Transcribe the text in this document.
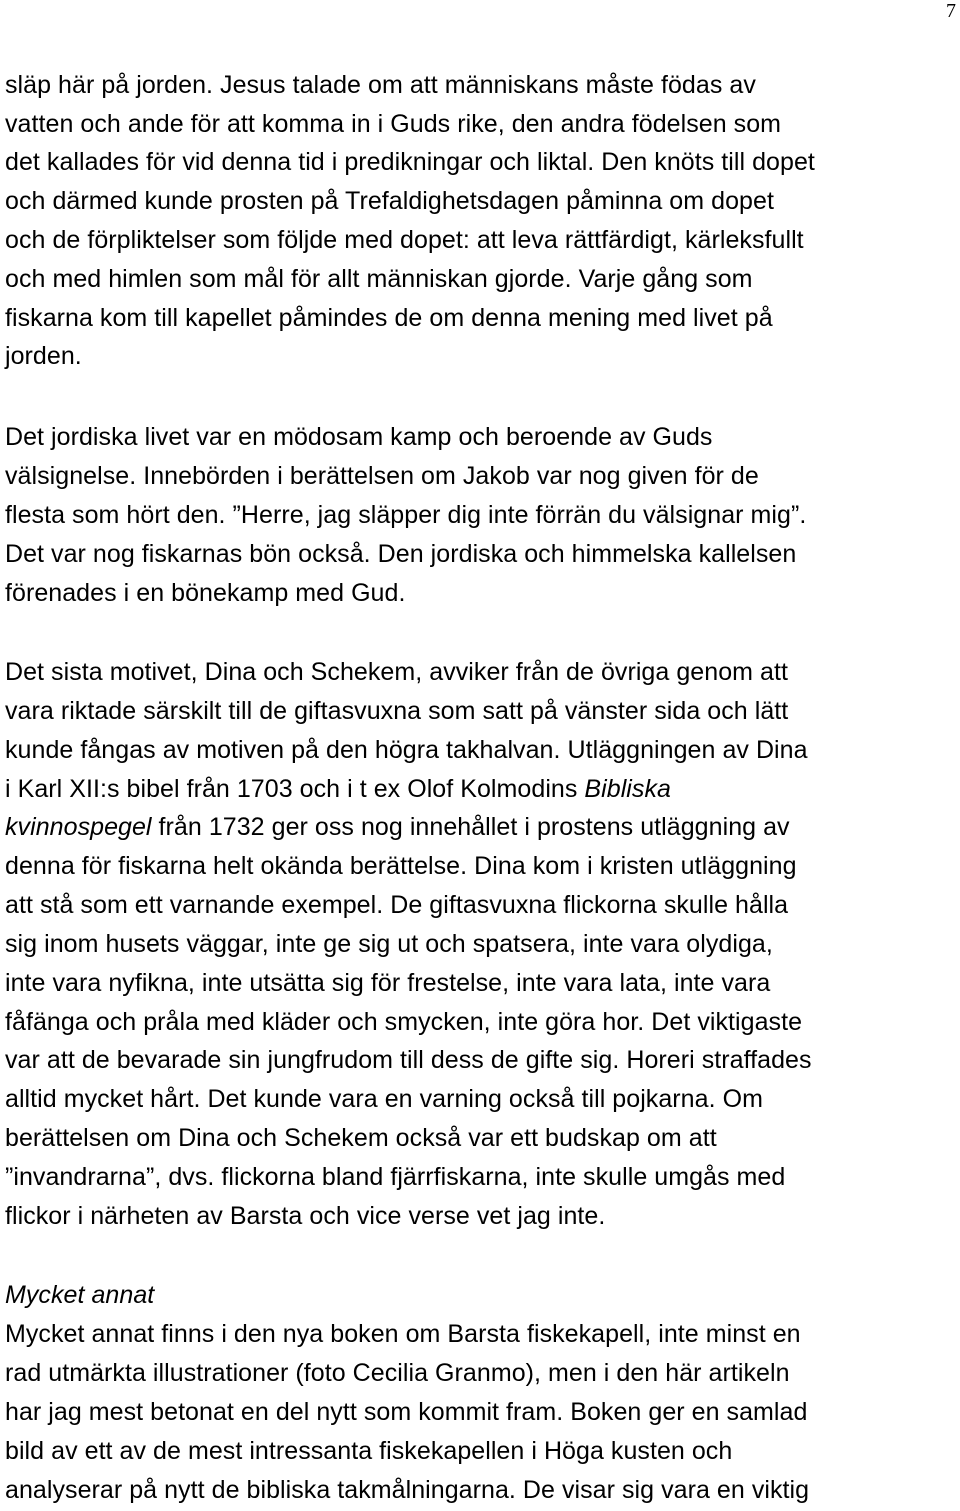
7
släp här på jorden. Jesus talade om att människans måste födas av
vatten och ande för att komma in i Guds rike, den andra födelsen som
det kallades för vid denna tid i predikningar och liktal. Den knöts till dopet
och därmed kunde prosten på Trefaldighetsdagen påminna om dopet
och de förpliktelser som följde med dopet: att leva rättfärdigt, kärleksfullt
och med himlen som mål för allt människan gjorde. Varje gång som
fiskarna kom till kapellet påmindes de om denna mening med livet på
jorden.
Det jordiska livet var en mödosam kamp och beroende av Guds
välsignelse. Innebörden i berättelsen om Jakob var nog given för de
flesta som hört den. ”Herre, jag släpper dig inte förrän du välsignar mig”.
Det var nog fiskarnas bön också. Den jordiska och himmelska kallelsen
förenades i en bönekamp med Gud.
Det sista motivet, Dina och Schekem, avviker från de övriga genom att
vara riktade särskilt till de giftasvuxna som satt på vänster sida och lätt
kunde fångas av motiven på den högra takhalvan. Utläggningen av Dina
i Karl XII:s bibel från 1703 och i t ex Olof Kolmodins Bibliska
kvinnospegel från 1732 ger oss nog innehållet i prostens utläggning av
denna för fiskarna helt okända berättelse. Dina kom i kristen utläggning
att stå som ett varnande exempel. De giftasvuxna flickorna skulle hålla
sig inom husets väggar, inte ge sig ut och spatsera, inte vara olydiga,
inte vara nyfikna, inte utsätta sig för frestelse, inte vara lata, inte vara
fåfänga och pråla med kläder och smycken, inte göra hor. Det viktigaste
var att de bevarade sin jungfrudom till dess de gifte sig. Horeri straffades
alltid mycket hårt. Det kunde vara en varning också till pojkarna. Om
berättelsen om Dina och Schekem också var ett budskap om att
”invandrarna”, dvs. flickorna bland fjärrfiskarna, inte skulle umgås med
flickor i närheten av Barsta och vice verse vet jag inte.
Mycket annat
Mycket annat finns i den nya boken om Barsta fiskekapell, inte minst en
rad utmärkta illustrationer (foto Cecilia Granmo), men i den här artikeln
har jag mest betonat en del nytt som kommit fram. Boken ger en samlad
bild av ett av de mest intressanta fiskekapellen i Höga kusten och
analyserar på nytt de bibliska takmålningarna. De visar sig vara en viktig
